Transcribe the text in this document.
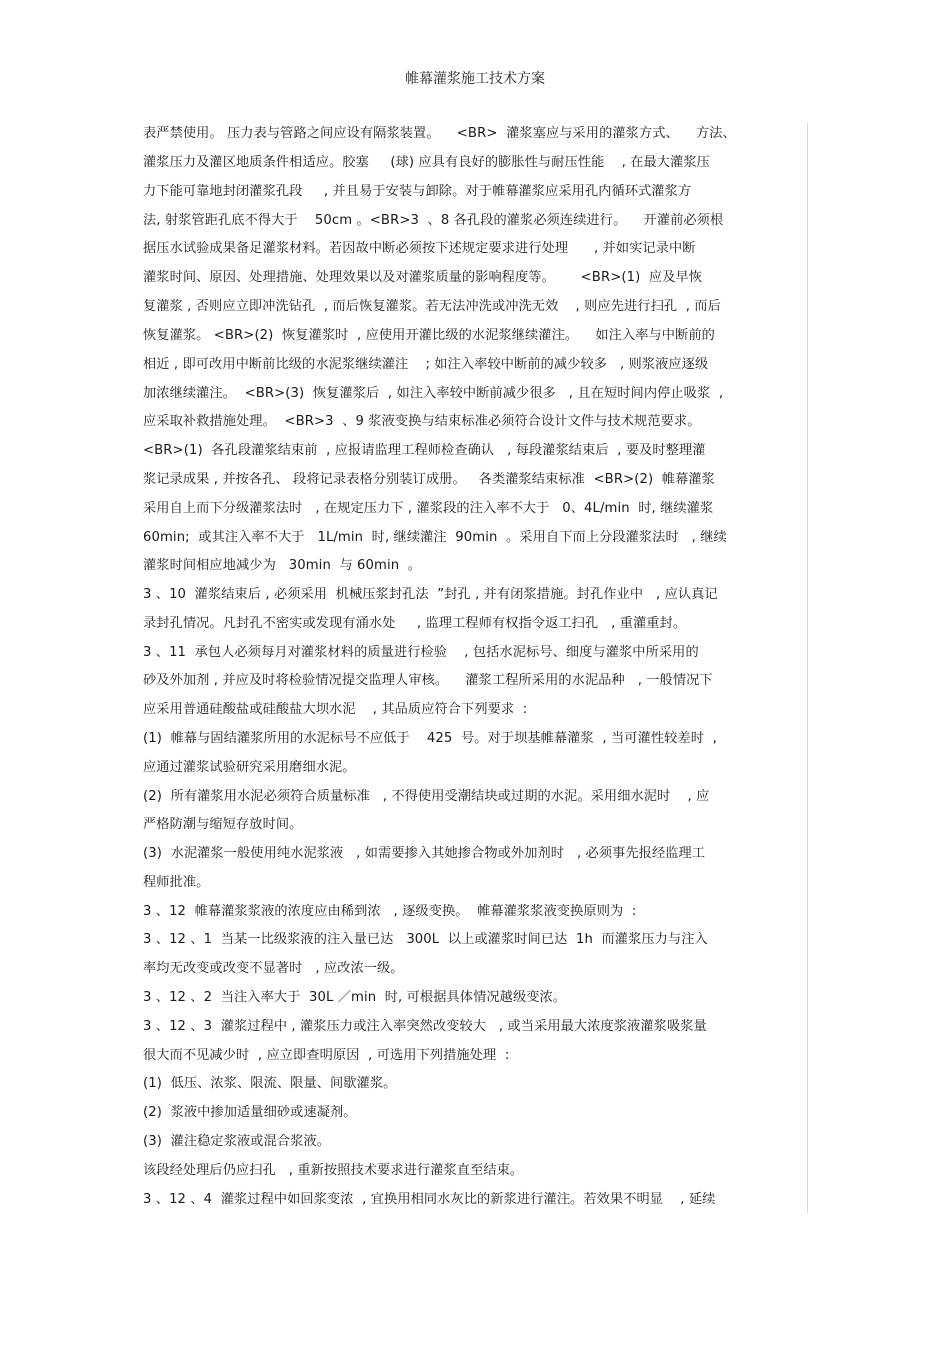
帷幕灌浆施工技术方案
表严禁使用。 压力表与管路之间应设有隔浆装置。    <BR>  灌浆塞应与采用的灌浆方式、    方法、
灌浆压力及灌区地质条件相适应。胶塞     (球) 应具有良好的膨胀性与耐压性能    , 在最大灌浆压
力下能可靠地封闭灌浆孔段     , 并且易于安装与卸除。对于帷幕灌浆应采用孔内循环式灌浆方
法, 射浆管距孔底不得大于    50cm 。<BR>3  、8 各孔段的灌浆必须连续进行。    开灌前必须根
据压水试验成果备足灌浆材料。若因故中断必须按下述规定要求进行处理      , 并如实记录中断
灌浆时间、原因、处理措施、处理效果以及对灌浆质量的影响程度等。      <BR>(1)  应及早恢
复灌浆 , 否则应立即冲洗钻孔  , 而后恢复灌浆。若无法冲洗或冲洗无效    , 则应先进行扫孔  , 而后
恢复灌浆。 <BR>(2)  恢复灌浆时  , 应使用开灌比级的水泥浆继续灌注。    如注入率与中断前的
相近 , 即可改用中断前比级的水泥浆继续灌注    ; 如注入率较中断前的减少较多   , 则浆液应逐级
加浓继续灌注。  <BR>(3)  恢复灌浆后  , 如注入率较中断前减少很多   , 且在短时间内停止吸浆  ,
应采取补救措施处理。  <BR>3  、9 浆液变换与结束标准必须符合设计文件与技术规范要求。
<BR>(1)  各孔段灌浆结束前  , 应报请监理工程师检查确认   , 每段灌浆结束后  , 要及时整理灌
浆记录成果 , 并按各孔、 段将记录表格分别装订成册。   各类灌浆结束标准  <BR>(2)  帷幕灌浆
采用自上而下分级灌浆法时   , 在规定压力下 , 灌浆段的注入率不大于   0、4L/min  时, 继续灌浆
60min;  或其注入率不大于   1L/min  时, 继续灌注  90min  。采用自下而上分段灌浆法时   , 继续
灌浆时间相应地减少为   30min  与 60min  。
3 、10  灌浆结束后 , 必须采用  机械压浆封孔法  ”封孔 , 并有闭浆措施。封孔作业中   , 应认真记
录封孔情况。凡封孔不密实或发现有涌水处     , 监理工程师有权指令返工扫孔   , 重灌重封。
3 、11  承包人必须每月对灌浆材料的质量进行检验    , 包括水泥标号、细度与灌浆中所采用的
砂及外加剂 , 并应及时将检验情况提交监理人审核。    灌浆工程所采用的水泥品种   , 一般情况下
应采用普通硅酸盐或硅酸盐大坝水泥    , 其品质应符合下列要求  :
(1)  帷幕与固结灌浆所用的水泥标号不应低于    425  号。对于坝基帷幕灌浆  , 当可灌性较差时  ,
应通过灌浆试验研究采用磨细水泥。
(2)  所有灌浆用水泥必须符合质量标准   , 不得使用受潮结块或过期的水泥。采用细水泥时    , 应
严格防潮与缩短存放时间。
(3)  水泥灌浆一般使用纯水泥浆液   , 如需要掺入其她掺合物或外加剂时   , 必须事先报经监理工
程师批准。
3 、12  帷幕灌浆浆液的浓度应由稀到浓   , 逐级变换。  帷幕灌浆浆液变换原则为  :
3 、12 、1  当某一比级浆液的注入量已达   300L  以上或灌浆时间已达  1h  而灌浆压力与注入
率均无改变或改变不显著时   , 应改浓一级。
3 、12 、2  当注入率大于  30L ／min  时, 可根据具体情况越级变浓。
3 、12 、3  灌浆过程中 , 灌浆压力或注入率突然改变较大   , 或当采用最大浓度浆液灌浆吸浆量
很大而不见减少时  , 应立即查明原因  , 可选用下列措施处理  :
(1)  低压、浓浆、限流、限量、间歇灌浆。
(2)  浆液中掺加适量细砂或速凝剂。
(3)  灌注稳定浆液或混合浆液。
该段经处理后仍应扫孔   , 重新按照技术要求进行灌浆直至结束。
3 、12 、4  灌浆过程中如回浆变浓  , 宜换用相同水灰比的新浆进行灌注。若效果不明显    , 延续
